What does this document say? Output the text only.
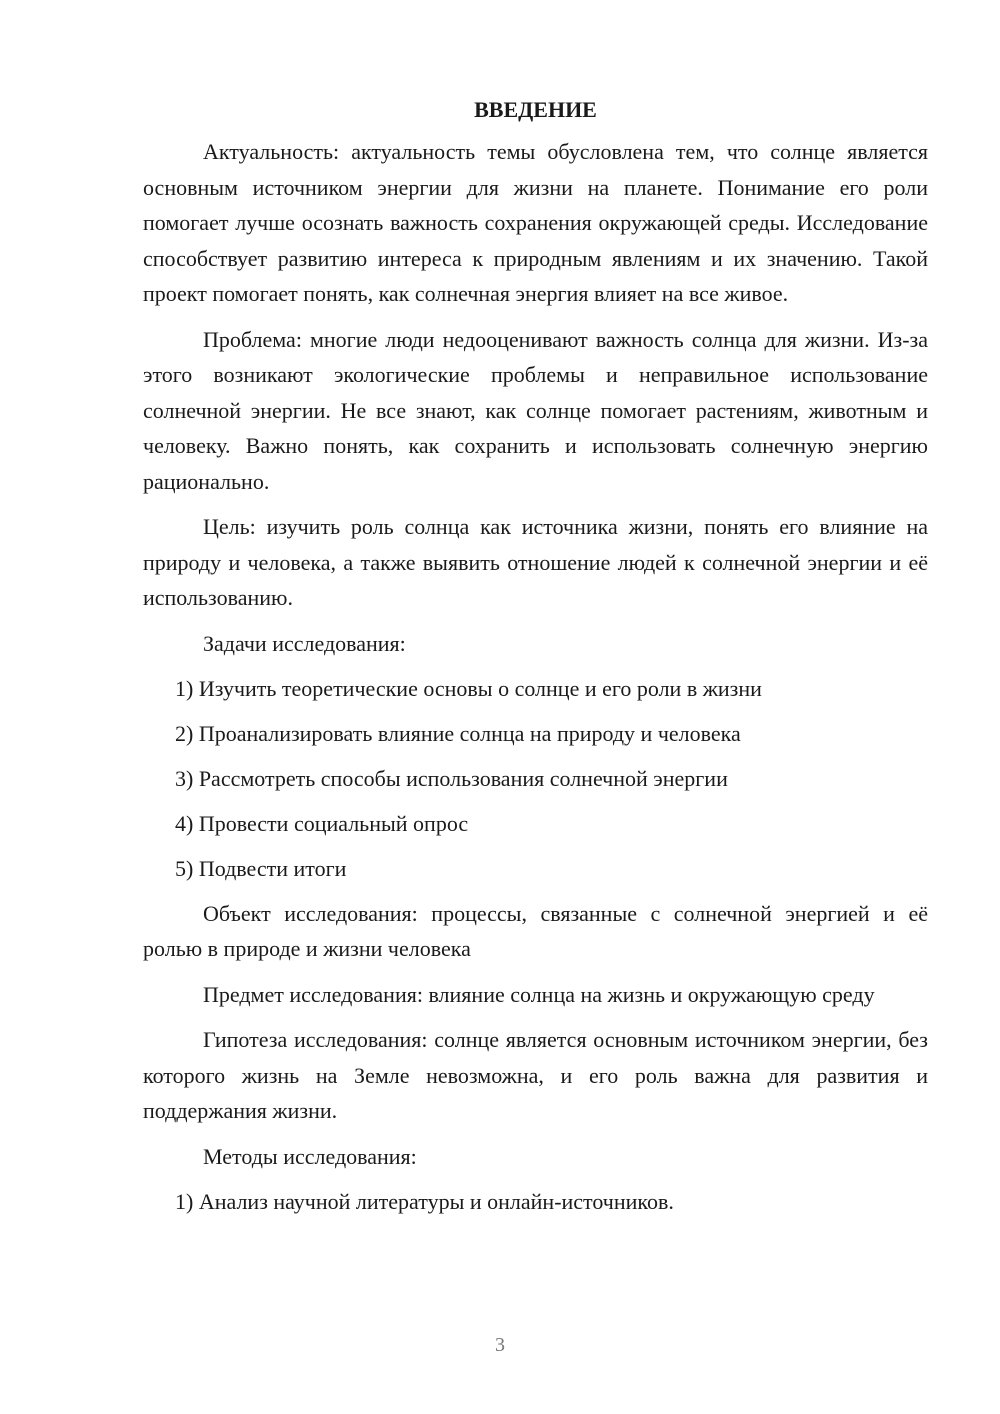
ВВЕДЕНИЕ

Актуальность: актуальность темы обусловлена тем, что солнце является основным источником энергии для жизни на планете. Понимание его роли помогает лучше осознать важность сохранения окружающей среды. Исследование способствует развитию интереса к природным явлениям и их значению. Такой проект помогает понять, как солнечная энергия влияет на все живое.

Проблема: многие люди недооценивают важность солнца для жизни. Из-за этого возникают экологические проблемы и неправильное использование солнечной энергии. Не все знают, как солнце помогает растениям, животным и человеку. Важно понять, как сохранить и использовать солнечную энергию рационально.

Цель: изучить роль солнца как источника жизни, понять его влияние на природу и человека, а также выявить отношение людей к солнечной энергии и её использованию.

Задачи исследования:

1) Изучить теоретические основы о солнце и его роли в жизни
2) Проанализировать влияние солнца на природу и человека
3) Рассмотреть способы использования солнечной энергии
4) Провести социальный опрос
5) Подвести итоги

Объект исследования: процессы, связанные с солнечной энергией и её ролью в природе и жизни человека

Предмет исследования: влияние солнца на жизнь и окружающую среду

Гипотеза исследования: солнце является основным источником энергии, без которого жизнь на Земле невозможна, и его роль важна для развития и поддержания жизни.

Методы исследования:

1) Анализ научной литературы и онлайн-источников.
3
